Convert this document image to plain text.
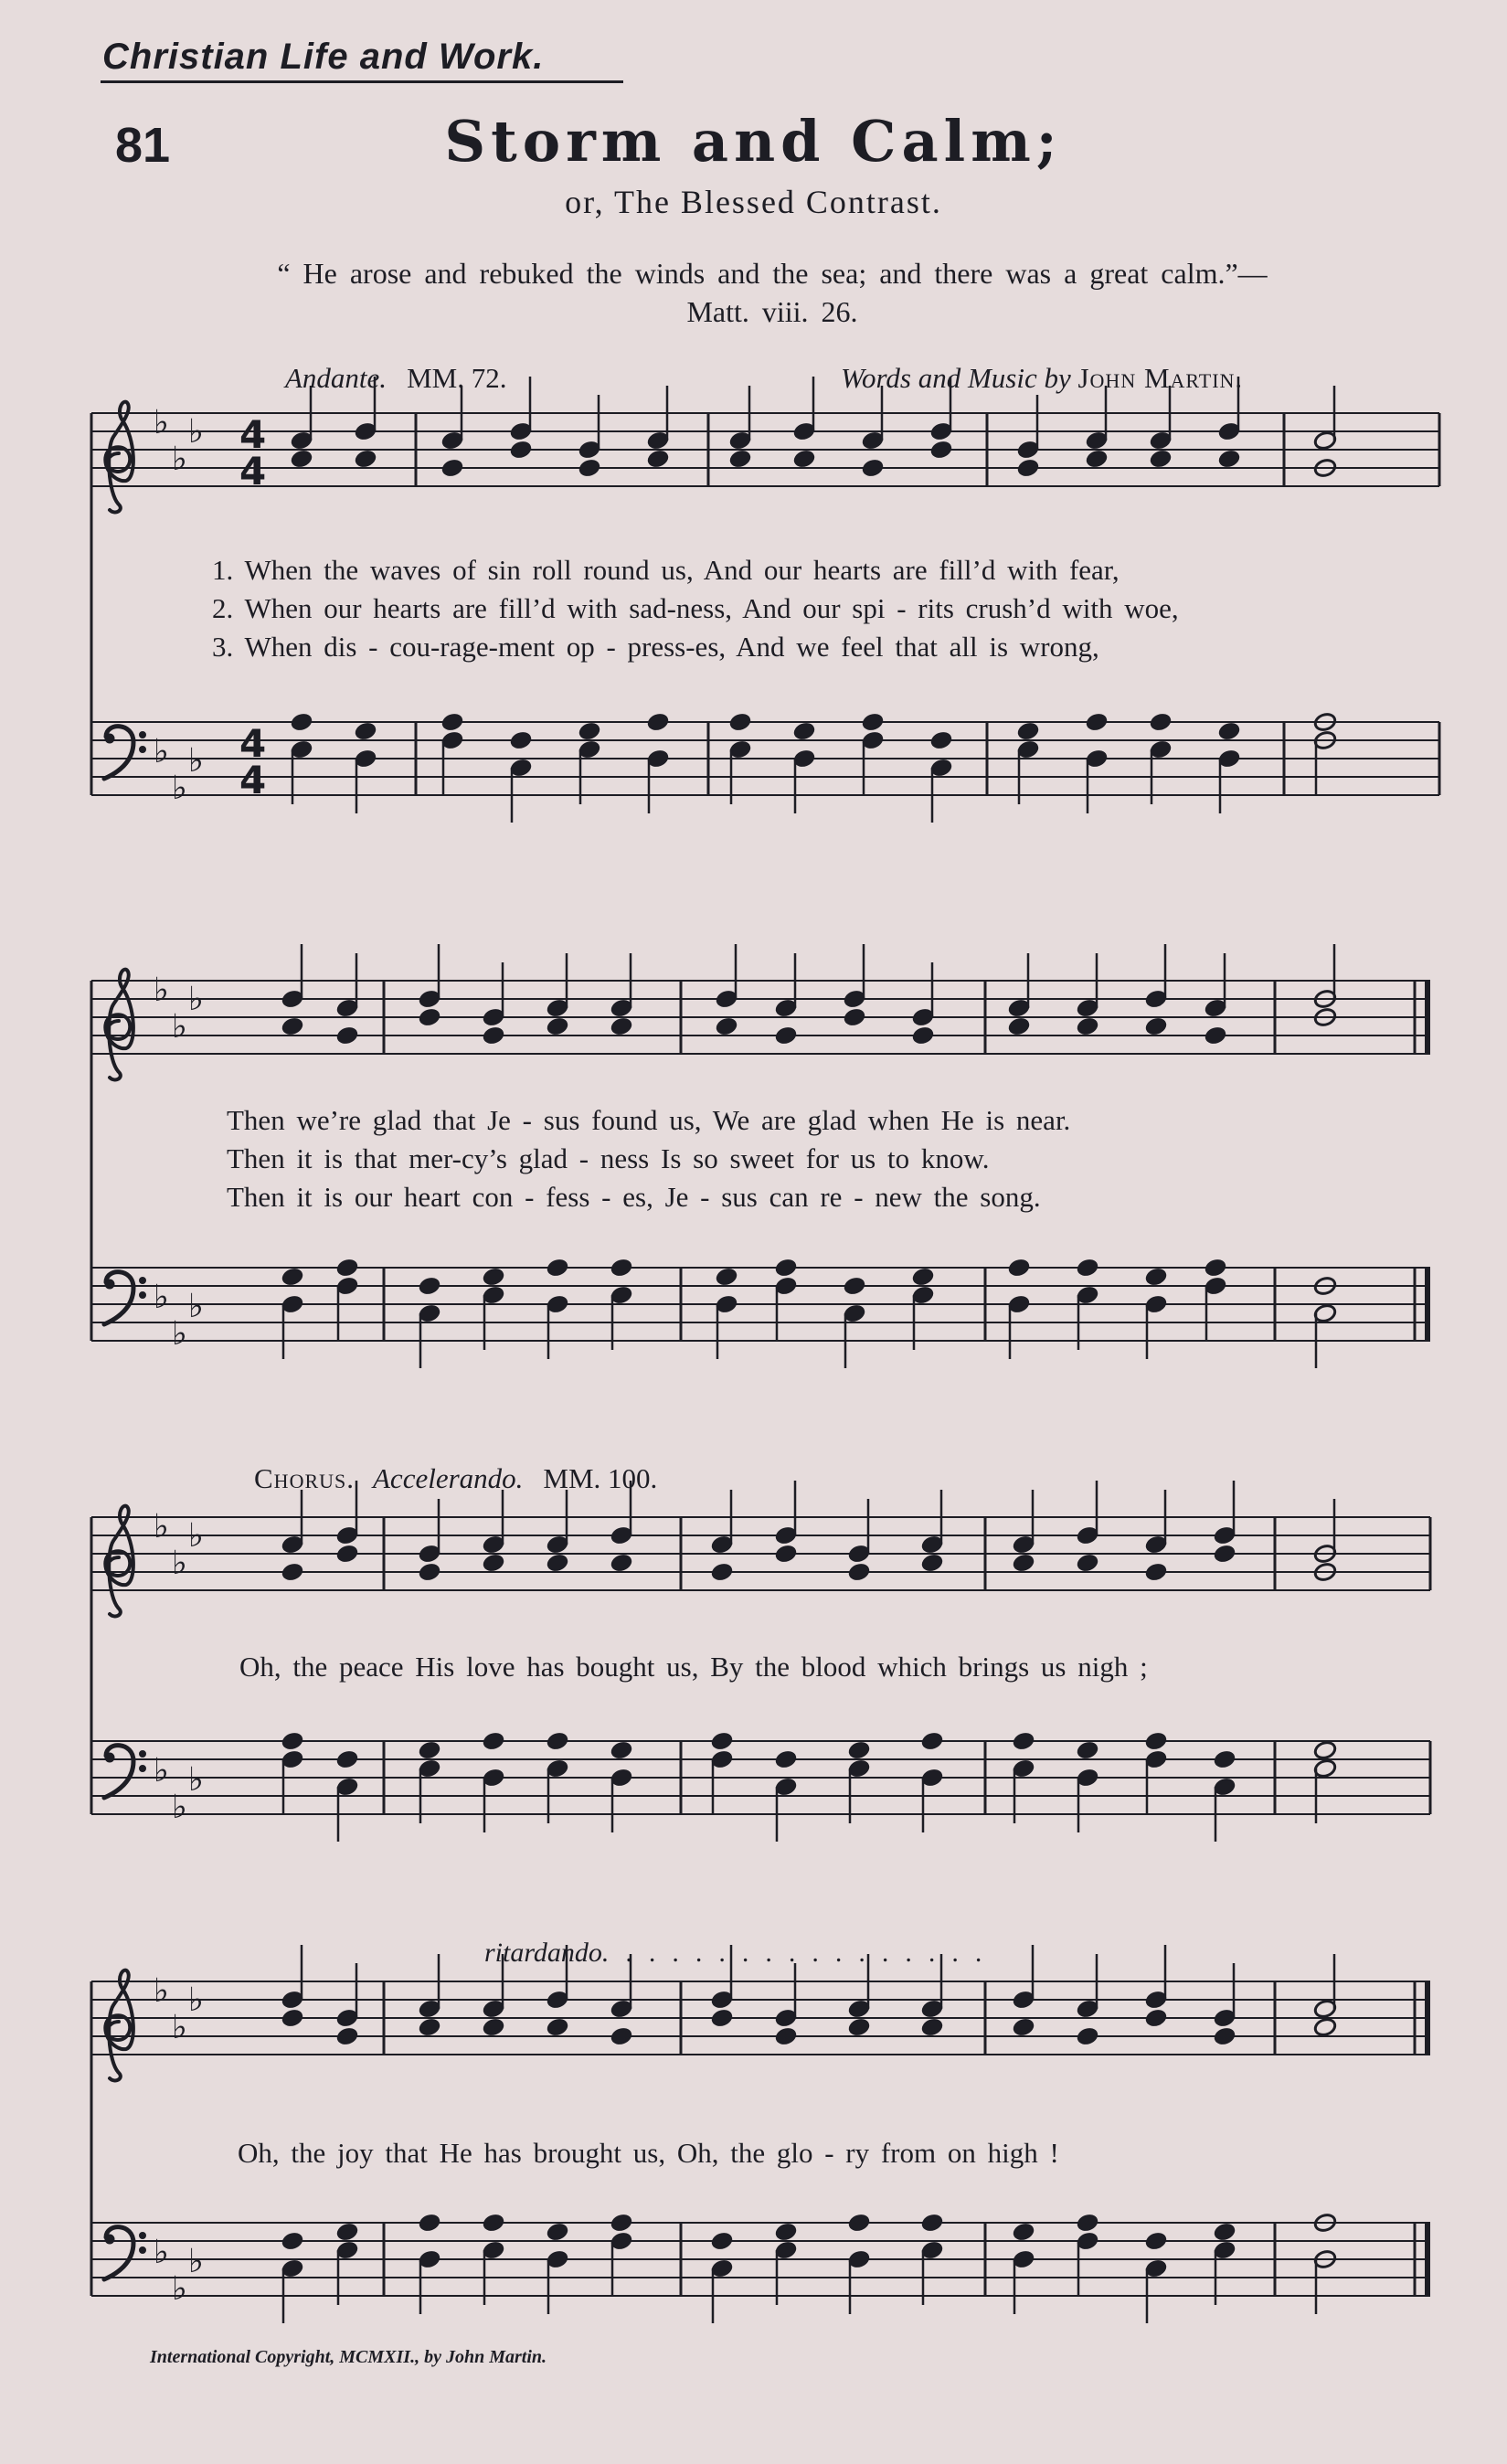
Christian Life and Work.
81	Storm and Calm;
or, The Blessed Contrast.
“ He arose and rebuked the winds and the sea; and there was a great calm.”—
Matt. viii. 26.
Andante. MM. 72.	Words and Music by John Martin.
♭
♭
♭
♭
♭
♭
4
4
4
4
♭
♭
♭
♭
♭
♭
♭
♭
♭
♭
♭
♭
♭
♭
♭
♭
♭
♭
1. When the waves of sin roll round us, And our hearts are fill’d with fear,
2. When our hearts are fill’d with sad-ness, And our spi - rits crush’d with woe,
3. When dis - cou-rage-ment op - press-es, And we feel that all is wrong,
Then we’re glad that Je - sus found us, We are glad when He is near.
Then it is that mer-cy’s glad - ness Is so sweet for us to know.
Then it is our heart con - fess - es, Je - sus can re - new the song.
Chorus. Accelerando. MM. 100.
Oh, the peace His love has bought us, By the blood which brings us nigh ;
ritardando. ................
Oh, the joy that He has brought us, Oh, the glo - ry from on high !
International Copyright, MCMXII., by John Martin.
